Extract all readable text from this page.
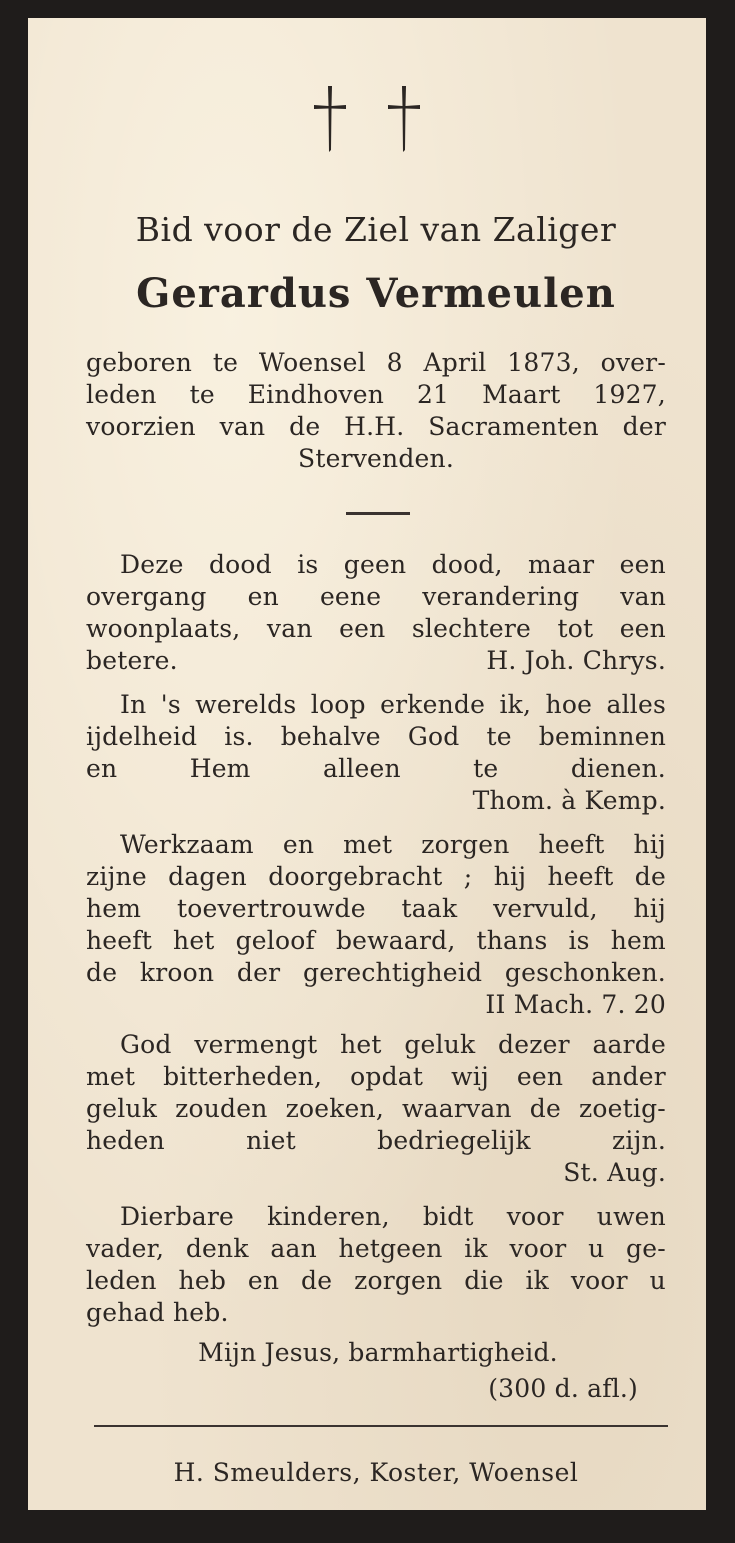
Bid voor de Ziel van Zaliger
Gerardus Vermeulen
geboren te Woensel 8 April 1873, over-
leden te Eindhoven 21 Maart 1927,
voorzien van de H.H. Sacramenten der
Stervenden.
Deze dood is geen dood, maar een
overgang en eene verandering van
woonplaats, van een slechtere tot een
betere.	H. Joh. Chrys.
In 's werelds loop erkende ik, hoe alles
ijdelheid is. behalve God te beminnen
en	Hem	alleen	te	dienen.
Thom. à Kemp.
Werkzaam en met zorgen heeft hij
zijne dagen doorgebracht ; hij heeft de
hem toevertrouwde taak vervuld, hij
heeft het geloof bewaard, thans is hem
de kroon der gerechtigheid geschonken.
II Mach. 7. 20
God vermengt het geluk dezer aarde
met bitterheden, opdat wij een ander
geluk zouden zoeken, waarvan de zoetig-
heden	niet	bedriegelijk	zijn.
St. Aug.
Dierbare kinderen, bidt voor uwen
vader, denk aan hetgeen ik voor u ge-
leden heb en de zorgen die ik voor u
gehad heb.
Mijn Jesus, barmhartigheid.
(300 d. afl.)
H. Smeulders, Koster, Woensel
